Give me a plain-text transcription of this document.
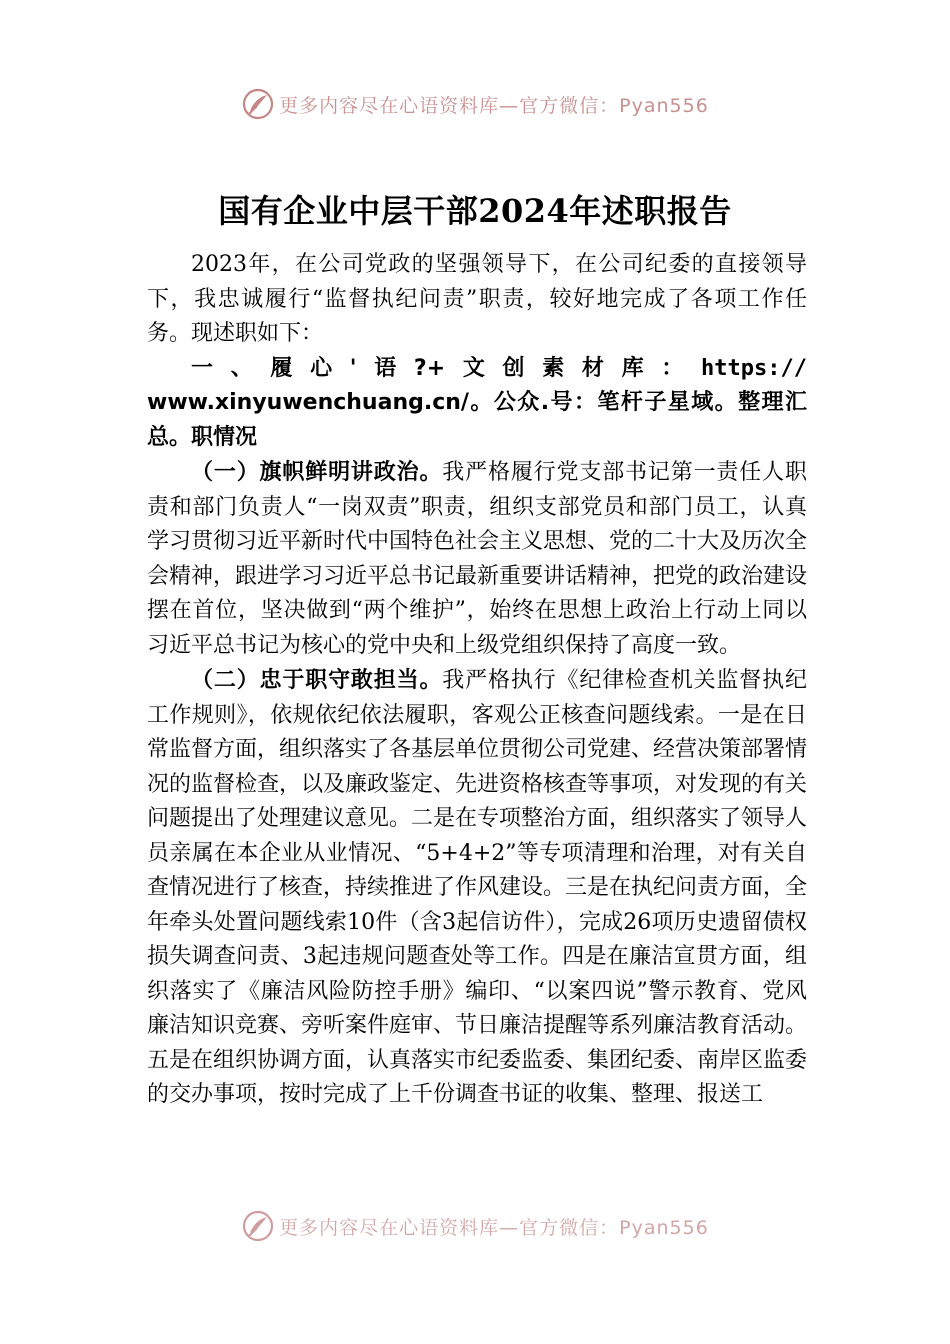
更多内容尽在心语资料库—官方微信：Pyan556
国有企业中层干部2024年述职报告

2023年，在公司党政的坚强领导下，在公司纪委的直接领导下，我忠诚履行“监督执纪问责”职责，较好地完成了各项工作任务。现述职如下：

一、履心'语?+文创素材库：https://
www.xinyuwenchuang.cn/。公众.号：笔杆子星域。整理汇总。职情况

（一）旗帜鲜明讲政治。我严格履行党支部书记第一责任人职责和部门负责人“一岗双责”职责，组织支部党员和部门员工，认真学习贯彻习近平新时代中国特色社会主义思想、党的二十大及历次全会精神，跟进学习习近平总书记最新重要讲话精神，把党的政治建设摆在首位，坚决做到“两个维护”，始终在思想上政治上行动上同以习近平总书记为核心的党中央和上级党组织保持了高度一致。

（二）忠于职守敢担当。我严格执行《纪律检查机关监督执纪工作规则》，依规依纪依法履职，客观公正核查问题线索。一是在日常监督方面，组织落实了各基层单位贯彻公司党建、经营决策部署情况的监督检查，以及廉政鉴定、先进资格核查等事项，对发现的有关问题提出了处理建议意见。二是在专项整治方面，组织落实了领导人员亲属在本企业从业情况、“5+4+2”等专项清理和治理，对有关自查情况进行了核查，持续推进了作风建设。三是在执纪问责方面，全年牵头处置问题线索10件（含3起信访件），完成26项历史遗留债权损失调查问责、3起违规问题查处等工作。四是在廉洁宣贯方面，组织落实了《廉洁风险防控手册》编印、“以案四说”警示教育、党风廉洁知识竞赛、旁听案件庭审、节日廉洁提醒等系列廉洁教育活动。五是在组织协调方面，认真落实市纪委监委、集团纪委、南岸区监委的交办事项，按时完成了上千份调查书证的收集、整理、报送工

更多内容尽在心语资料库—官方微信：Pyan556
